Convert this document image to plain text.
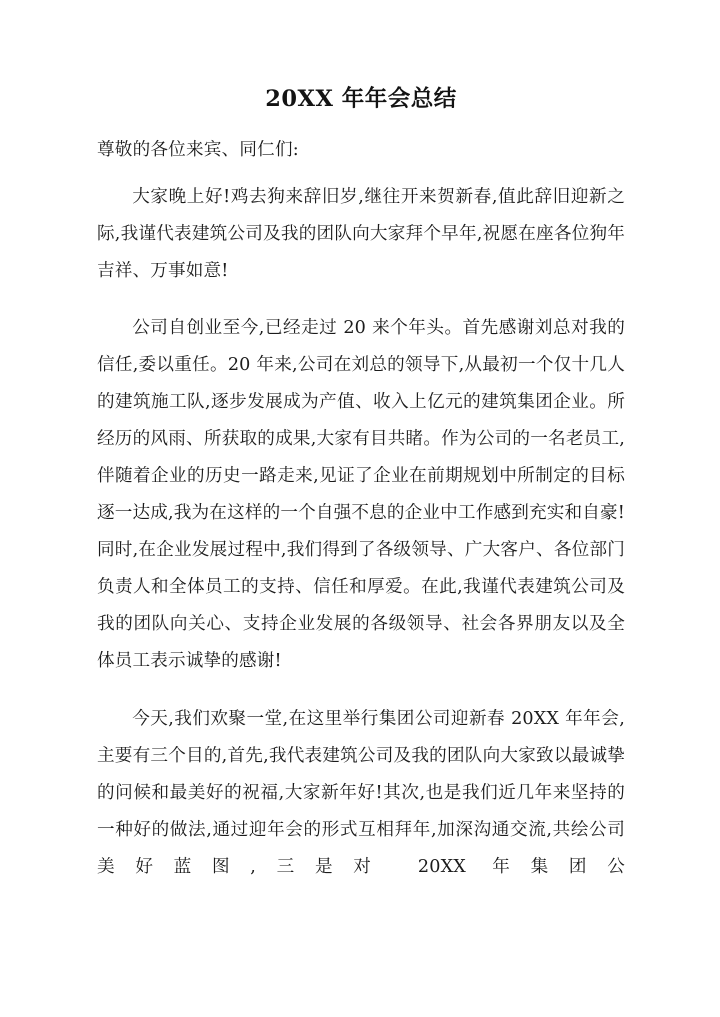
20XX 年年会总结

尊敬的各位来宾、同仁们:

大家晚上好!鸡去狗来辞旧岁,继往开来贺新春,值此辞旧迎新之际,我谨代表建筑公司及我的团队向大家拜个早年,祝愿在座各位狗年吉祥、万事如意!

公司自创业至今,已经走过 20 来个年头。首先感谢刘总对我的信任,委以重任。20 年来,公司在刘总的领导下,从最初一个仅十几人的建筑施工队,逐步发展成为产值、收入上亿元的建筑集团企业。所经历的风雨、所获取的成果,大家有目共睹。作为公司的一名老员工,伴随着企业的历史一路走来,见证了企业在前期规划中所制定的目标逐一达成,我为在这样的一个自强不息的企业中工作感到充实和自豪!同时,在企业发展过程中,我们得到了各级领导、广大客户、各位部门负责人和全体员工的支持、信任和厚爱。在此,我谨代表建筑公司及我的团队向关心、支持企业发展的各级领导、社会各界朋友以及全体员工表示诚挚的感谢!

今天,我们欢聚一堂,在这里举行集团公司迎新春 20XX 年年会,主要有三个目的,首先,我代表建筑公司及我的团队向大家致以最诚挚的问候和最美好的祝福,大家新年好!其次,也是我们近几年来坚持的一种好的做法,通过迎年会的形式互相拜年,加深沟通交流,共绘公司美好蓝图,三是对 20XX 年集团公
